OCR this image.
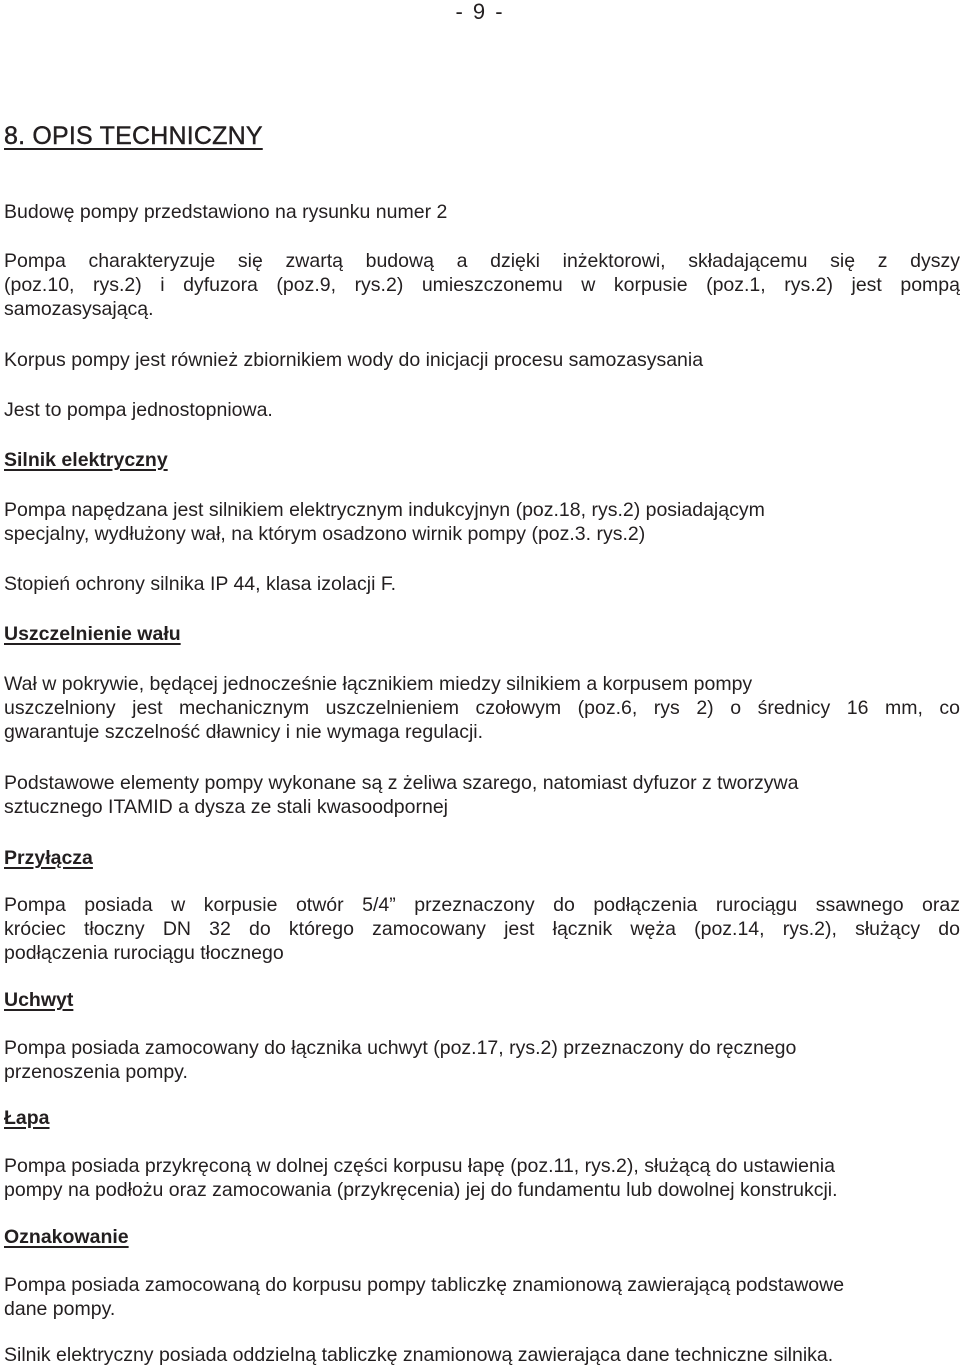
- 9 -
8. OPIS TECHNICZNY

Budowę pompy przedstawiono na rysunku numer 2

Pompa charakteryzuje się zwartą budową a dzięki inżektorowi, składającemu się z dyszy
(poz.10, rys.2) i dyfuzora (poz.9, rys.2) umieszczonemu w korpusie (poz.1, rys.2) jest pompą
samozasysającą.

Korpus pompy jest również zbiornikiem wody do inicjacji procesu samozasysania

Jest to pompa jednostopniowa.

Silnik elektryczny

Pompa napędzana jest silnikiem elektrycznym indukcyjnyn (poz.18, rys.2) posiadającym
specjalny, wydłużony wał, na którym osadzono wirnik pompy (poz.3. rys.2)

Stopień ochrony silnika IP 44, klasa izolacji F.

Uszczelnienie wału

Wał w pokrywie, będącej jednocześnie łącznikiem miedzy silnikiem a korpusem pompy
uszczelniony jest mechanicznym uszczelnieniem czołowym (poz.6, rys 2) o średnicy 16 mm, co
gwarantuje szczelność dławnicy i nie wymaga regulacji.

Podstawowe elementy pompy wykonane są z żeliwa szarego, natomiast dyfuzor z tworzywa
sztucznego ITAMID a dysza ze stali kwasoodpornej

Przyłącza

Pompa posiada w korpusie otwór 5/4” przeznaczony do podłączenia rurociągu ssawnego oraz
króciec tłoczny DN 32 do którego zamocowany jest łącznik węża (poz.14, rys.2), służący do
podłączenia rurociągu tłocznego

Uchwyt

Pompa posiada zamocowany do łącznika uchwyt (poz.17, rys.2) przeznaczony do ręcznego
przenoszenia pompy.

Łapa

Pompa posiada przykręconą w dolnej części korpusu łapę (poz.11, rys.2), służącą do ustawienia
pompy na podłożu oraz zamocowania (przykręcenia) jej do fundamentu lub dowolnej konstrukcji.

Oznakowanie

Pompa posiada zamocowaną do korpusu pompy tabliczkę znamionową zawierającą podstawowe
dane pompy.

Silnik elektryczny posiada oddzielną tabliczkę znamionową zawierająca dane techniczne silnika.
